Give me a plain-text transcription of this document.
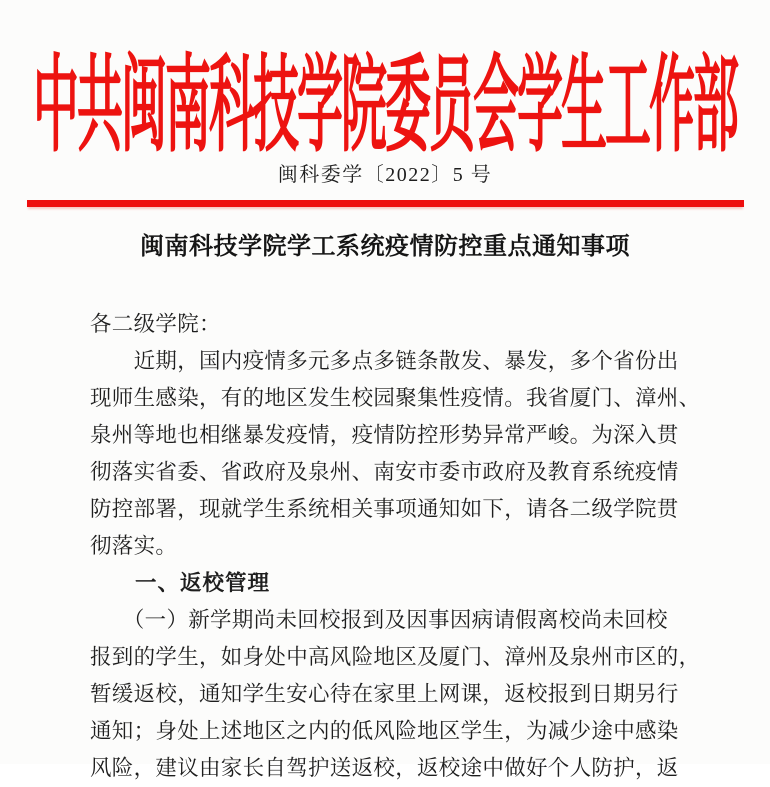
中共闽南科技学院委员会学生工作部
闽科委学〔2022〕5 号
闽南科技学院学工系统疫情防控重点通知事项
各二级学院：
　　近期，国内疫情多元多点多链条散发、暴发，多个省份出
现师生感染，有的地区发生校园聚集性疫情。我省厦门、漳州、
泉州等地也相继暴发疫情，疫情防控形势异常严峻。为深入贯
彻落实省委、省政府及泉州、南安市委市政府及教育系统疫情
防控部署，现就学生系统相关事项通知如下，请各二级学院贯
彻落实。
　　一、返校管理
　　（一）新学期尚未回校报到及因事因病请假离校尚未回校
报到的学生，如身处中高风险地区及厦门、漳州及泉州市区的，
暂缓返校，通知学生安心待在家里上网课，返校报到日期另行
通知；身处上述地区之内的低风险地区学生，为减少途中感染
风险，建议由家长自驾护送返校，返校途中做好个人防护，返
